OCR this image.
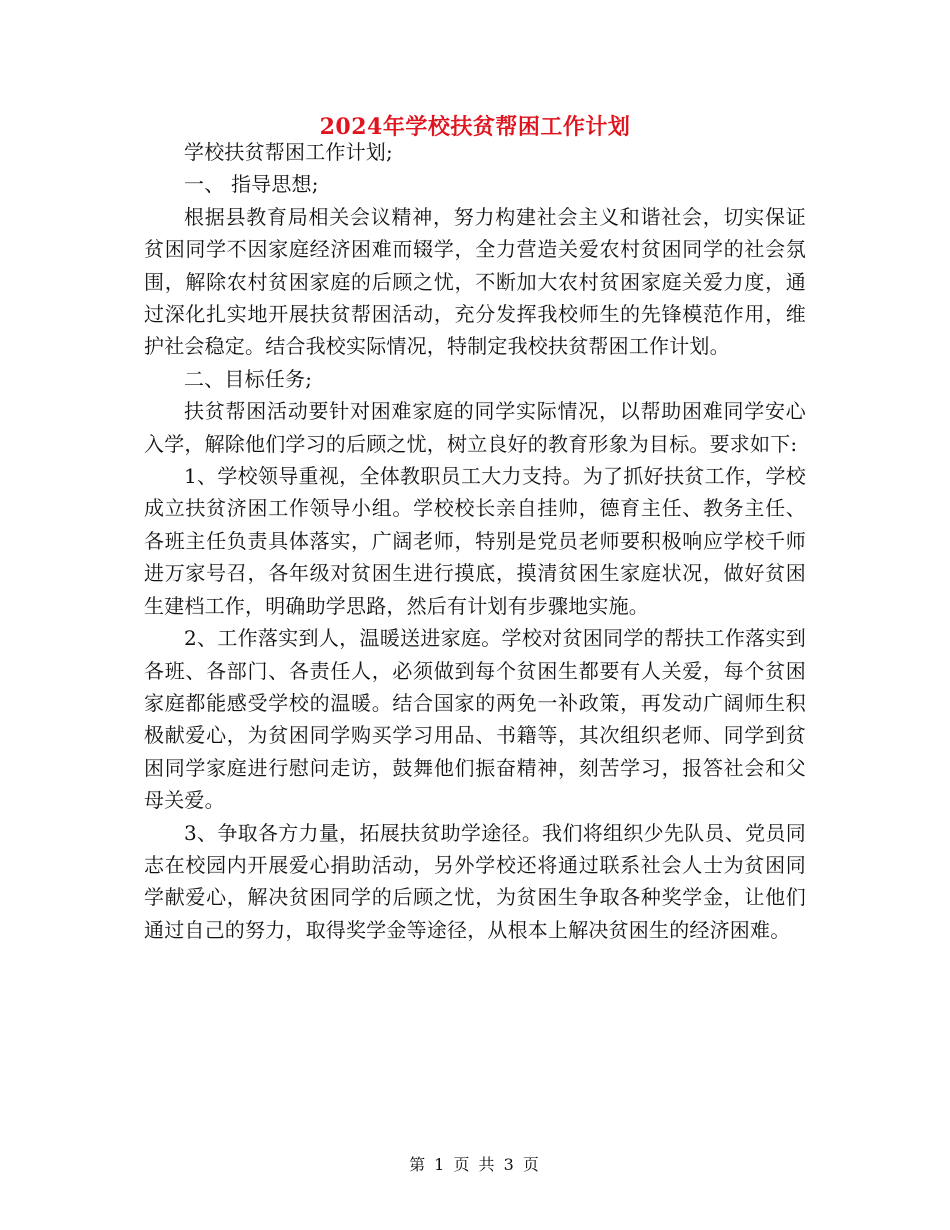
2024年学校扶贫帮困工作计划

学校扶贫帮困工作计划;

一、 指导思想;

根据县教育局相关会议精神，努力构建社会主义和谐社会，切实保证贫困同学不因家庭经济困难而辍学，全力营造关爱农村贫困同学的社会氛围，解除农村贫困家庭的后顾之忧，不断加大农村贫困家庭关爱力度，通过深化扎实地开展扶贫帮困活动，充分发挥我校师生的先锋模范作用，维护社会稳定。结合我校实际情况，特制定我校扶贫帮困工作计划。

二、目标任务;

扶贫帮困活动要针对困难家庭的同学实际情况，以帮助困难同学安心入学，解除他们学习的后顾之忧，树立良好的教育形象为目标。要求如下:

1、学校领导重视，全体教职员工大力支持。为了抓好扶贫工作，学校成立扶贫济困工作领导小组。学校校长亲自挂帅，德育主任、教务主任、各班主任负责具体落实，广阔老师，特别是党员老师要积极响应学校千师进万家号召，各年级对贫困生进行摸底，摸清贫困生家庭状况，做好贫困生建档工作，明确助学思路，然后有计划有步骤地实施。

2、工作落实到人，温暖送进家庭。学校对贫困同学的帮扶工作落实到各班、各部门、各责任人，必须做到每个贫困生都要有人关爱，每个贫困家庭都能感受学校的温暖。结合国家的两免一补政策，再发动广阔师生积极献爱心，为贫困同学购买学习用品、书籍等，其次组织老师、同学到贫困同学家庭进行慰问走访，鼓舞他们振奋精神，刻苦学习，报答社会和父母关爱。

3、争取各方力量，拓展扶贫助学途径。我们将组织少先队员、党员同志在校园内开展爱心捐助活动，另外学校还将通过联系社会人士为贫困同学献爱心，解决贫困同学的后顾之忧，为贫困生争取各种奖学金，让他们通过自己的努力，取得奖学金等途径，从根本上解决贫困生的经济困难。

第 1 页 共 3 页
